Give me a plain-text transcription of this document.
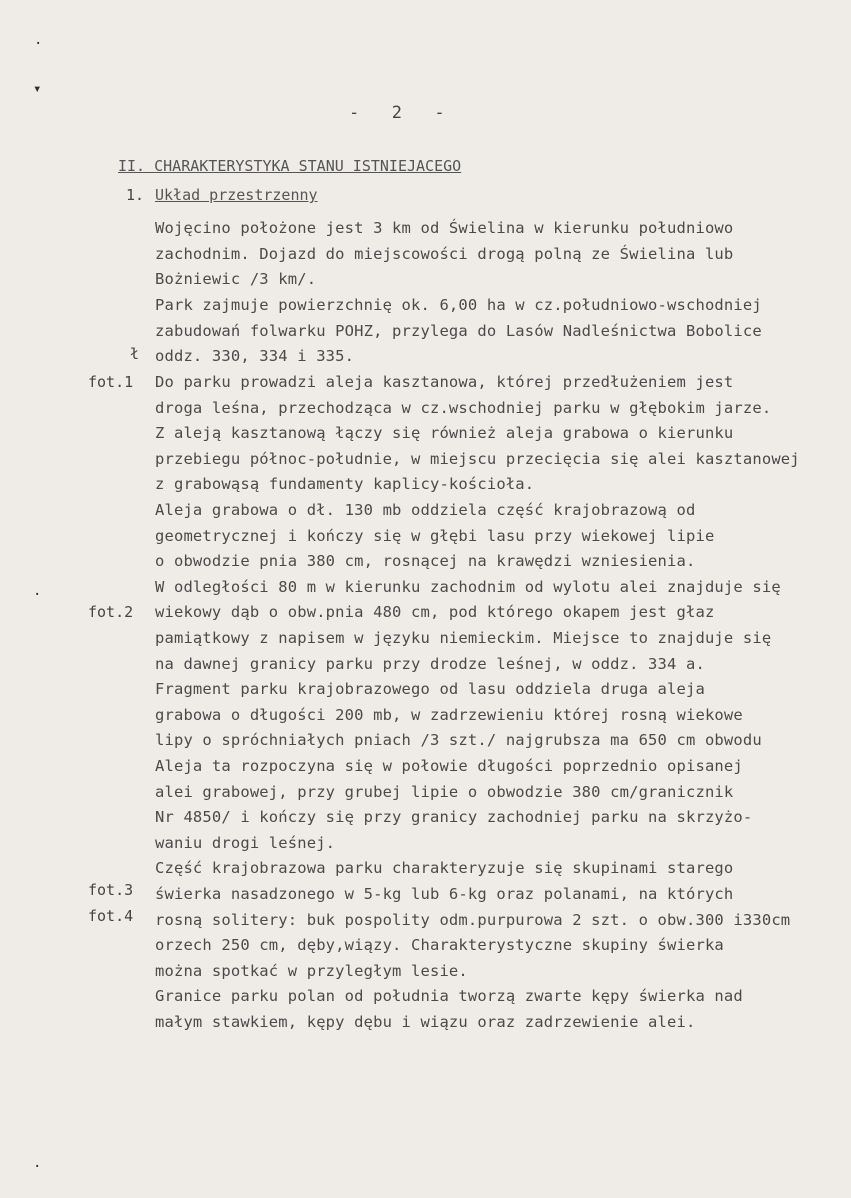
·
▾
·
·
-  2  -
II. CHARAKTERYSTYKA STANU ISTNIEJACEGO
1. Układ przestrzenny
ł
fot.1
fot.2
fot.3
fot.4
Wojęcino położone jest 3 km od Świelina w kierunku południowo
zachodnim. Dojazd do miejscowości drogą polną ze Świelina lub
Bożniewic /3 km/.
Park zajmuje powierzchnię ok. 6,00 ha w cz.południowo-wschodniej
zabudowań folwarku POHZ, przylega do Lasów Nadleśnictwa Bobolice
oddz. 330, 334 i 335.
Do parku prowadzi aleja kasztanowa, której przedłużeniem jest
droga leśna, przechodząca w cz.wschodniej parku w głębokim jarze.
Z aleją kasztanową łączy się również aleja grabowa o kierunku
przebiegu północ-południe, w miejscu przecięcia się alei kasztanowej
z grabowąsą fundamenty kaplicy-kościoła.
Aleja grabowa o dł. 130 mb oddziela część krajobrazową od
geometrycznej i kończy się w głębi lasu przy wiekowej lipie
o obwodzie pnia 380 cm, rosnącej na krawędzi wzniesienia.
W odległości 80 m w kierunku zachodnim od wylotu alei znajduje się
wiekowy dąb o obw.pnia 480 cm, pod którego okapem jest głaz
pamiątkowy z napisem w języku niemieckim. Miejsce to znajduje się
na dawnej granicy parku przy drodze leśnej, w oddz. 334 a.
Fragment parku krajobrazowego od lasu oddziela druga aleja
grabowa o długości 200 mb, w zadrzewieniu której rosną wiekowe
lipy o spróchniałych pniach /3 szt./ najgrubsza ma 650 cm obwodu
Aleja ta rozpoczyna się w połowie długości poprzednio opisanej
alei grabowej, przy grubej lipie o obwodzie 380 cm/granicznik
Nr 4850/ i kończy się przy granicy zachodniej parku na skrzyżo-
waniu drogi leśnej.
Część krajobrazowa parku charakteryzuje się skupinami starego
świerka nasadzonego w 5-kg lub 6-kg oraz polanami, na których
rosną solitery: buk pospolity odm.purpurowa 2 szt. o obw.300 i330cm
orzech 250 cm, dęby,wiązy. Charakterystyczne skupiny świerka
można spotkać w przyległym lesie.
Granice parku polan od południa tworzą zwarte kępy świerka nad
małym stawkiem, kępy dębu i wiązu oraz zadrzewienie alei.
